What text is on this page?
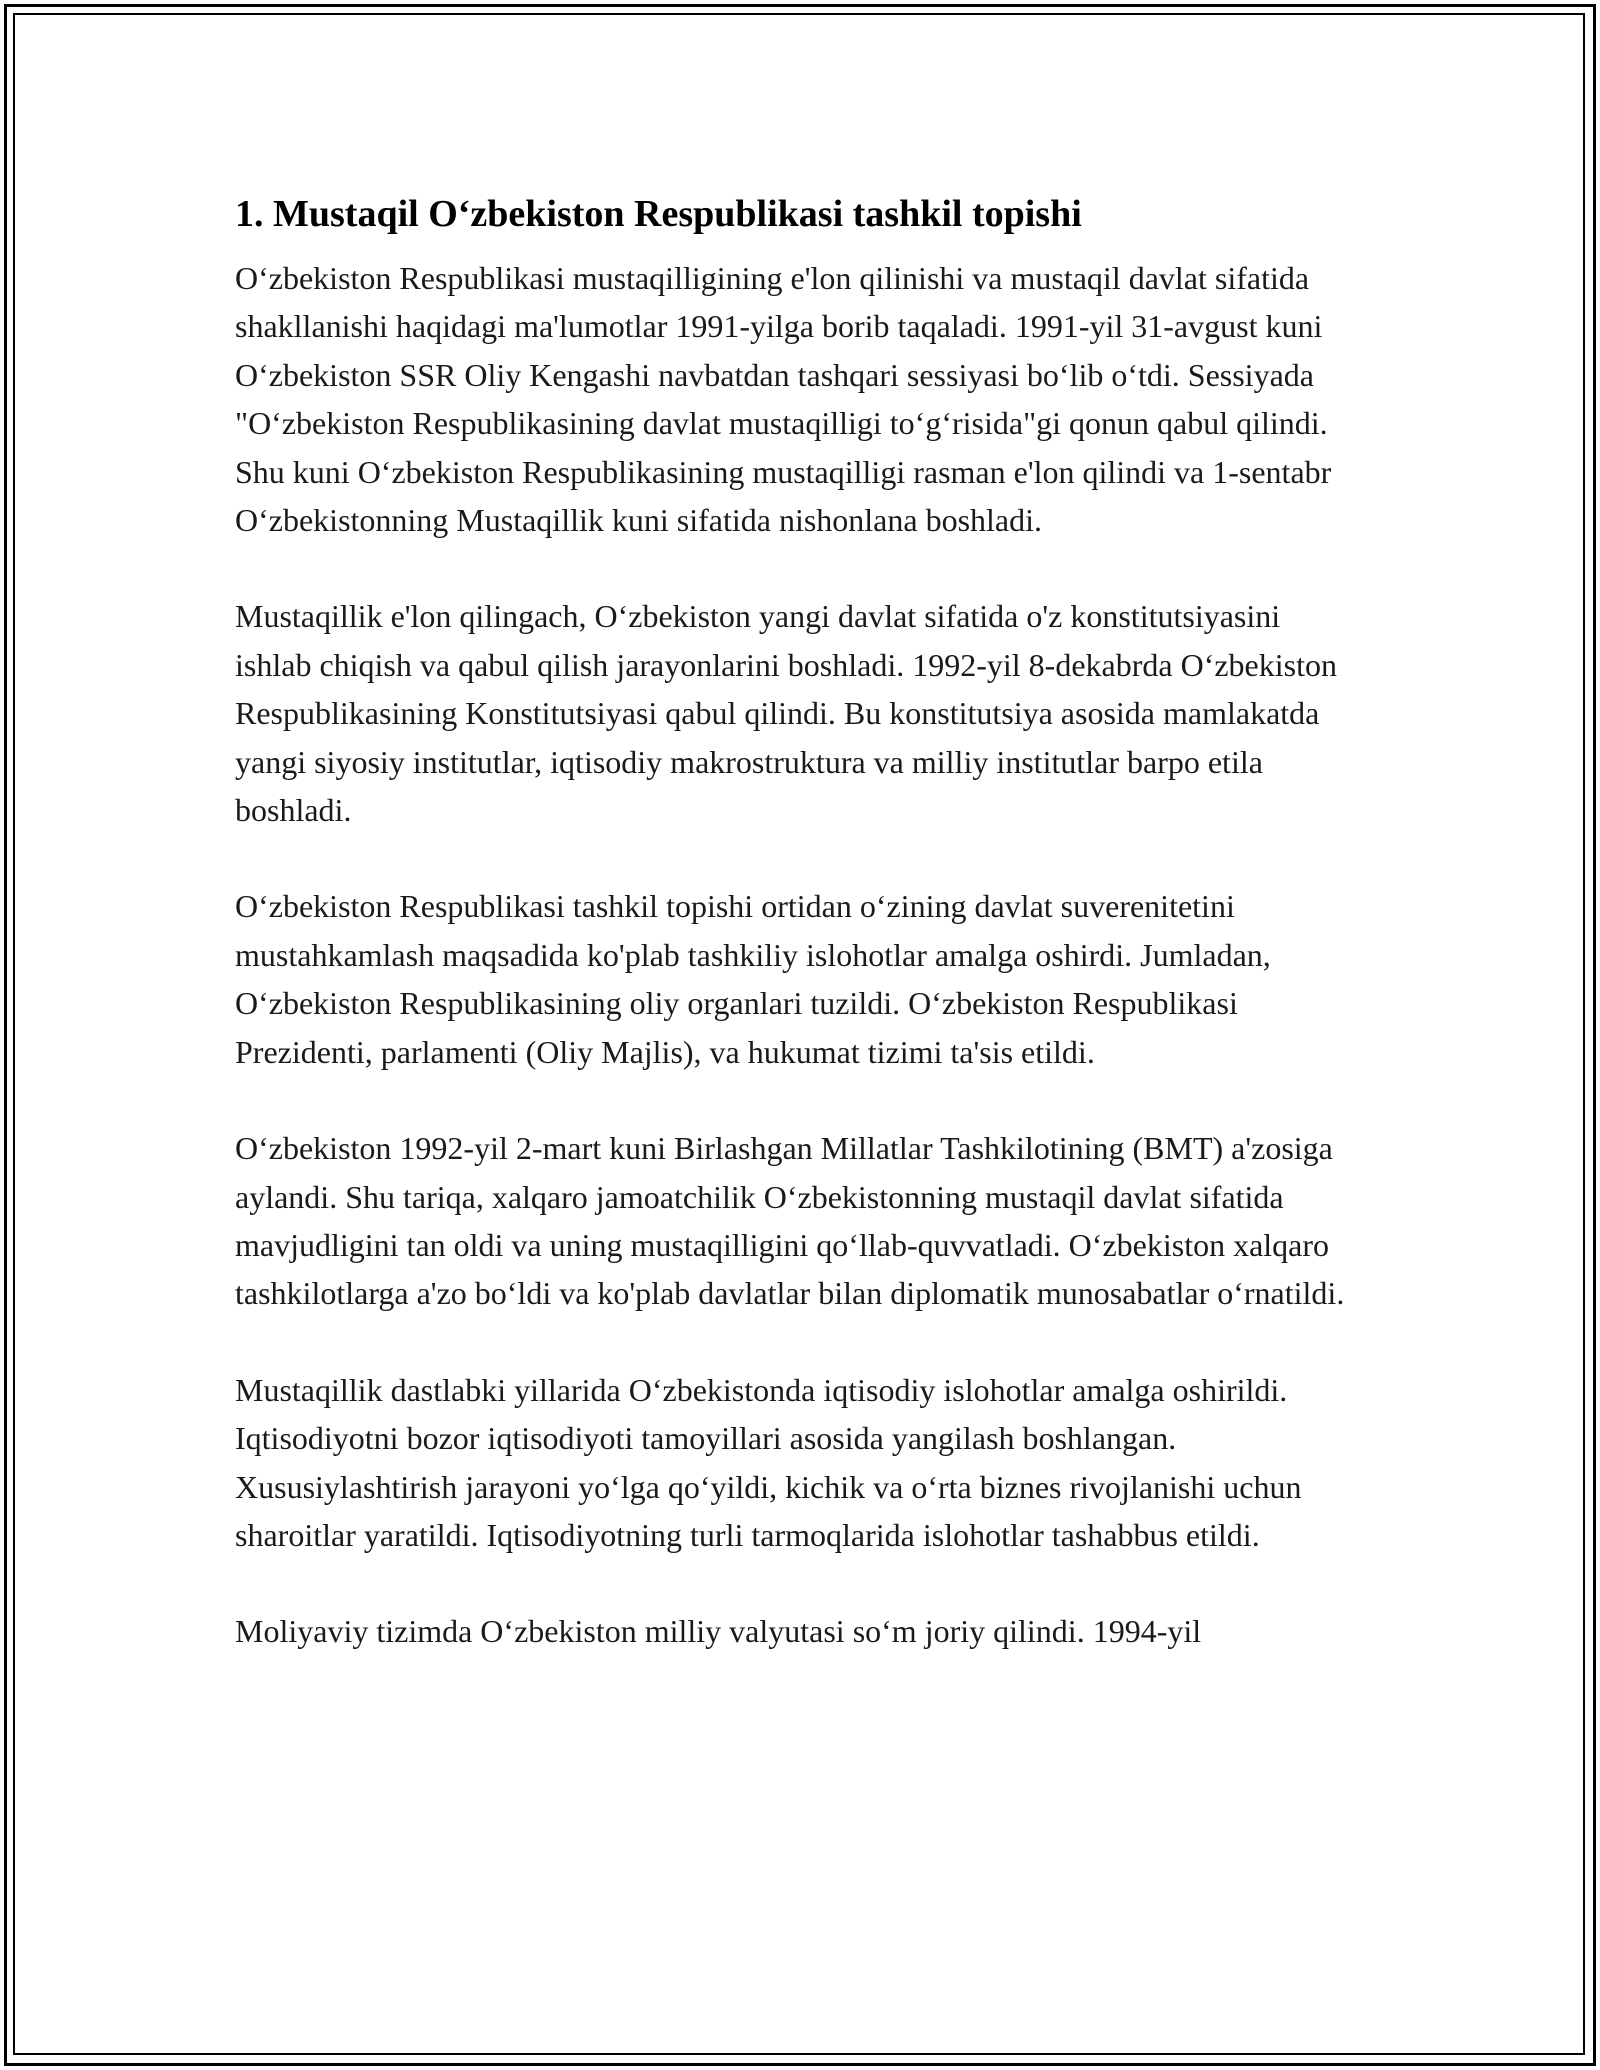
1. Mustaqil O‘zbekiston Respublikasi tashkil topishi

O‘zbekiston Respublikasi mustaqilligining e'lon qilinishi va mustaqil davlat sifatida shakllanishi haqidagi ma'lumotlar 1991-yilga borib taqaladi. 1991-yil 31-avgust kuni O‘zbekiston SSR Oliy Kengashi navbatdan tashqari sessiyasi bo‘lib o‘tdi. Sessiyada "O‘zbekiston Respublikasining davlat mustaqilligi to‘g‘risida"gi qonun qabul qilindi. Shu kuni O‘zbekiston Respublikasining mustaqilligi rasman e'lon qilindi va 1-sentabr O‘zbekistonning Mustaqillik kuni sifatida nishonlana boshladi.

Mustaqillik e'lon qilingach, O‘zbekiston yangi davlat sifatida o'z konstitutsiyasini ishlab chiqish va qabul qilish jarayonlarini boshladi. 1992-yil 8-dekabrda O‘zbekiston Respublikasining Konstitutsiyasi qabul qilindi. Bu konstitutsiya asosida mamlakatda yangi siyosiy institutlar, iqtisodiy makrostruktura va milliy institutlar barpo etila boshladi.

O‘zbekiston Respublikasi tashkil topishi ortidan o‘zining davlat suverenitetini mustahkamlash maqsadida ko'plab tashkiliy islohotlar amalga oshirdi. Jumladan, O‘zbekiston Respublikasining oliy organlari tuzildi. O‘zbekiston Respublikasi Prezidenti, parlamenti (Oliy Majlis), va hukumat tizimi ta'sis etildi.

O‘zbekiston 1992-yil 2-mart kuni Birlashgan Millatlar Tashkilotining (BMT) a'zosiga aylandi. Shu tariqa, xalqaro jamoatchilik O‘zbekistonning mustaqil davlat sifatida mavjudligini tan oldi va uning mustaqilligini qo‘llab-quvvatladi. O‘zbekiston xalqaro tashkilotlarga a'zo bo‘ldi va ko'plab davlatlar bilan diplomatik munosabatlar o‘rnatildi.

Mustaqillik dastlabki yillarida O‘zbekistonda iqtisodiy islohotlar amalga oshirildi. Iqtisodiyotni bozor iqtisodiyoti tamoyillari asosida yangilash boshlangan. Xususiylashtirish jarayoni yo‘lga qo‘yildi, kichik va o‘rta biznes rivojlanishi uchun sharoitlar yaratildi. Iqtisodiyotning turli tarmoqlarida islohotlar tashabbus etildi.

Moliyaviy tizimda O‘zbekiston milliy valyutasi so‘m joriy qilindi. 1994-yil
